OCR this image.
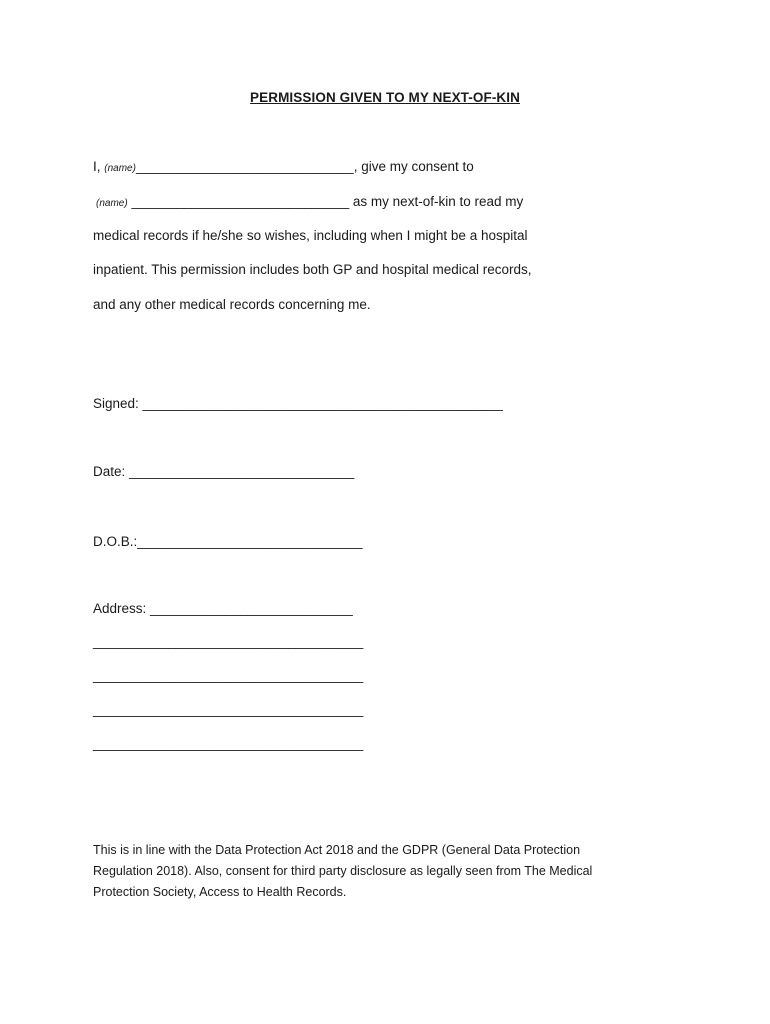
PERMISSION GIVEN TO MY NEXT-OF-KIN
I, (name)_____________________________, give my consent to
(name) _____________________________ as my next-of-kin to read my
medical records if he/she so wishes, including when I might be a hospital
inpatient. This permission includes both GP and hospital medical records,
and any other medical records concerning me.
Signed: ________________________________________________
Date: ______________________________
D.O.B.:______________________________
Address: ___________________________
____________________________________
____________________________________
____________________________________
____________________________________
This is in line with the Data Protection Act 2018 and the GDPR (General Data Protection
Regulation 2018). Also, consent for third party disclosure as legally seen from The Medical
Protection Society, Access to Health Records.
